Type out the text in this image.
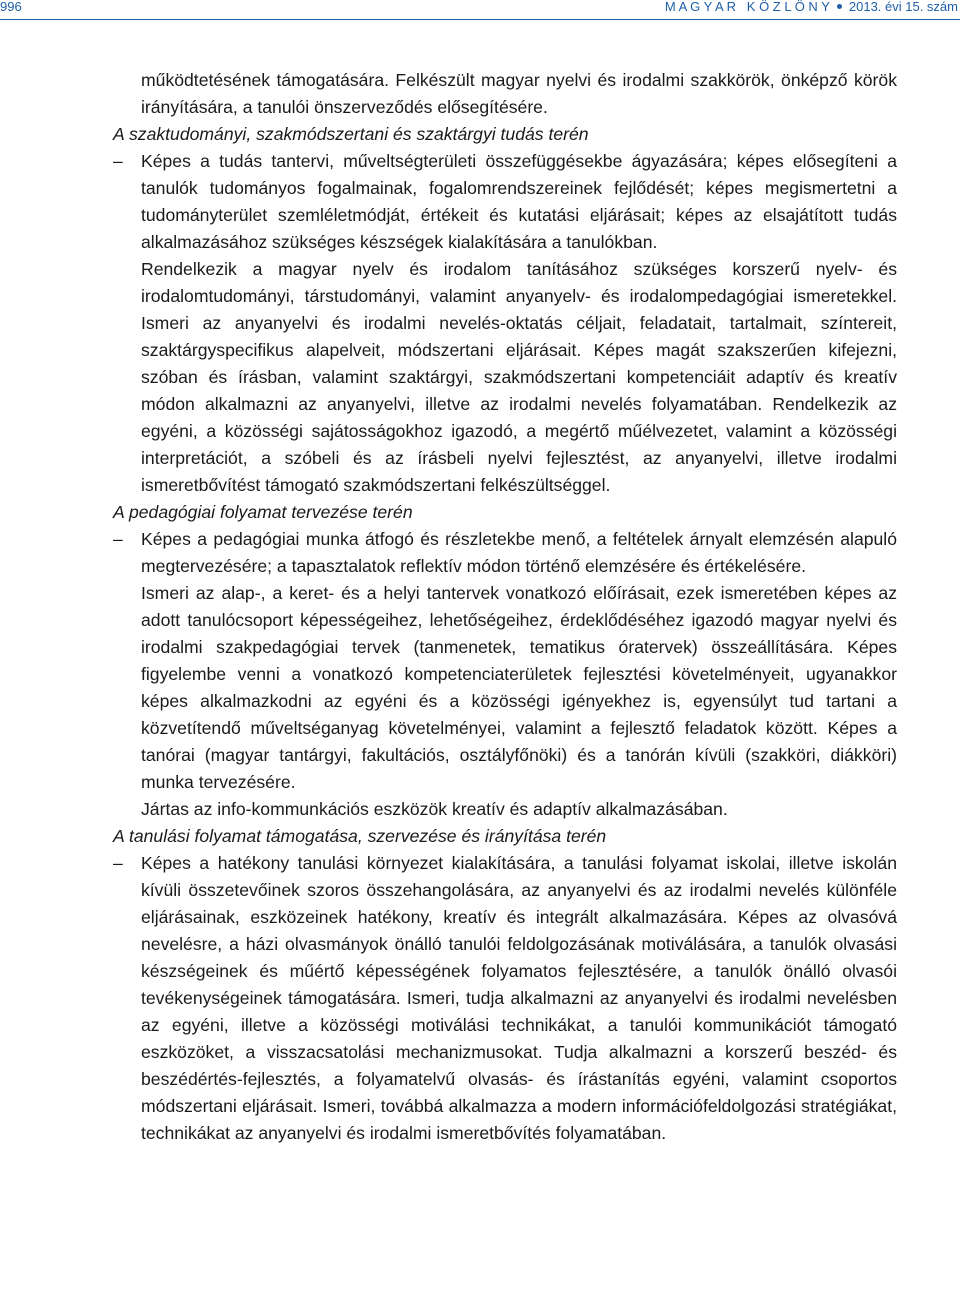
996	M A G Y A R   K Ö Z L Ö N Y 2013. évi 15. szám

működtetésének támogatására. Felkészült magyar nyelvi és irodalmi szakkörök, önképző körök irányítására, a tanulói önszerveződés elősegítésére.

A szaktudományi, szakmódszertani és szaktárgyi tudás terén

–	Képes a tudás tantervi, műveltségterületi összefüggésekbe ágyazására; képes elősegíteni a tanulók tudományos fogalmainak, fogalomrendszereinek fejlődését; képes megismertetni a tudományterület szemléletmódját, értékeit és kutatási eljárásait; képes az elsajátított tudás alkalmazásához szükséges készségek kialakítására a tanulókban.

Rendelkezik a magyar nyelv és irodalom tanításához szükséges korszerű nyelv- és irodalomtudományi, társtudományi, valamint anyanyelv- és irodalompedagógiai ismeretekkel. Ismeri az anyanyelvi és irodalmi nevelés-oktatás céljait, feladatait, tartalmait, színtereit, szaktárgyspecifikus alapelveit, módszertani eljárásait. Képes magát szakszerűen kifejezni, szóban és írásban, valamint szaktárgyi, szakmódszertani kompetenciáit adaptív és kreatív módon alkalmazni az anyanyelvi, illetve az irodalmi nevelés folyamatában. Rendelkezik az egyéni, a közösségi sajátosságokhoz igazodó, a megértő műélvezetet, valamint a közösségi interpretációt, a szóbeli és az írásbeli nyelvi fejlesztést, az anyanyelvi, illetve irodalmi ismeretbővítést támogató szakmódszertani felkészültséggel.

A pedagógiai folyamat tervezése terén

–	Képes a pedagógiai munka átfogó és részletekbe menő, a feltételek árnyalt elemzésén alapuló megtervezésére; a tapasztalatok reflektív módon történő elemzésére és értékelésére.

Ismeri az alap-, a keret- és a helyi tantervek vonatkozó előírásait, ezek ismeretében képes az adott tanulócsoport képességeihez, lehetőségeihez, érdeklődéséhez igazodó magyar nyelvi és irodalmi szakpedagógiai tervek (tanmenetek, tematikus óratervek) összeállítására. Képes figyelembe venni a vonatkozó kompetenciaterületek fejlesztési követelményeit, ugyanakkor képes alkalmazkodni az egyéni és a közösségi igényekhez is, egyensúlyt tud tartani a közvetítendő műveltséganyag követelményei, valamint a fejlesztő feladatok között. Képes a tanórai (magyar tantárgyi, fakultációs, osztályfőnöki) és a tanórán kívüli (szakköri, diákköri) munka tervezésére.

Jártas az info-kommunkációs eszközök kreatív és adaptív alkalmazásában.

A tanulási folyamat támogatása, szervezése és irányítása terén

–	Képes a hatékony tanulási környezet kialakítására, a tanulási folyamat iskolai, illetve iskolán kívüli összetevőinek szoros összehangolására, az anyanyelvi és az irodalmi nevelés különféle eljárásainak, eszközeinek hatékony, kreatív és integrált alkalmazására. Képes az olvasóvá nevelésre, a házi olvasmányok önálló tanulói feldolgozásának motiválására, a tanulók olvasási készségeinek és műértő képességének folyamatos fejlesztésére, a tanulók önálló olvasói tevékenységeinek támogatására. Ismeri, tudja alkalmazni az anyanyelvi és irodalmi nevelésben az egyéni, illetve a közösségi motiválási technikákat, a tanulói kommunikációt támogató eszközöket, a visszacsatolási mechanizmusokat. Tudja alkalmazni a korszerű beszéd- és beszédértés-fejlesztés, a folyamatelvű olvasás- és írástanítás egyéni, valamint csoportos módszertani eljárásait. Ismeri, továbbá alkalmazza a modern információfeldolgozási stratégiákat, technikákat az anyanyelvi és irodalmi ismeretbővítés folyamatában.
